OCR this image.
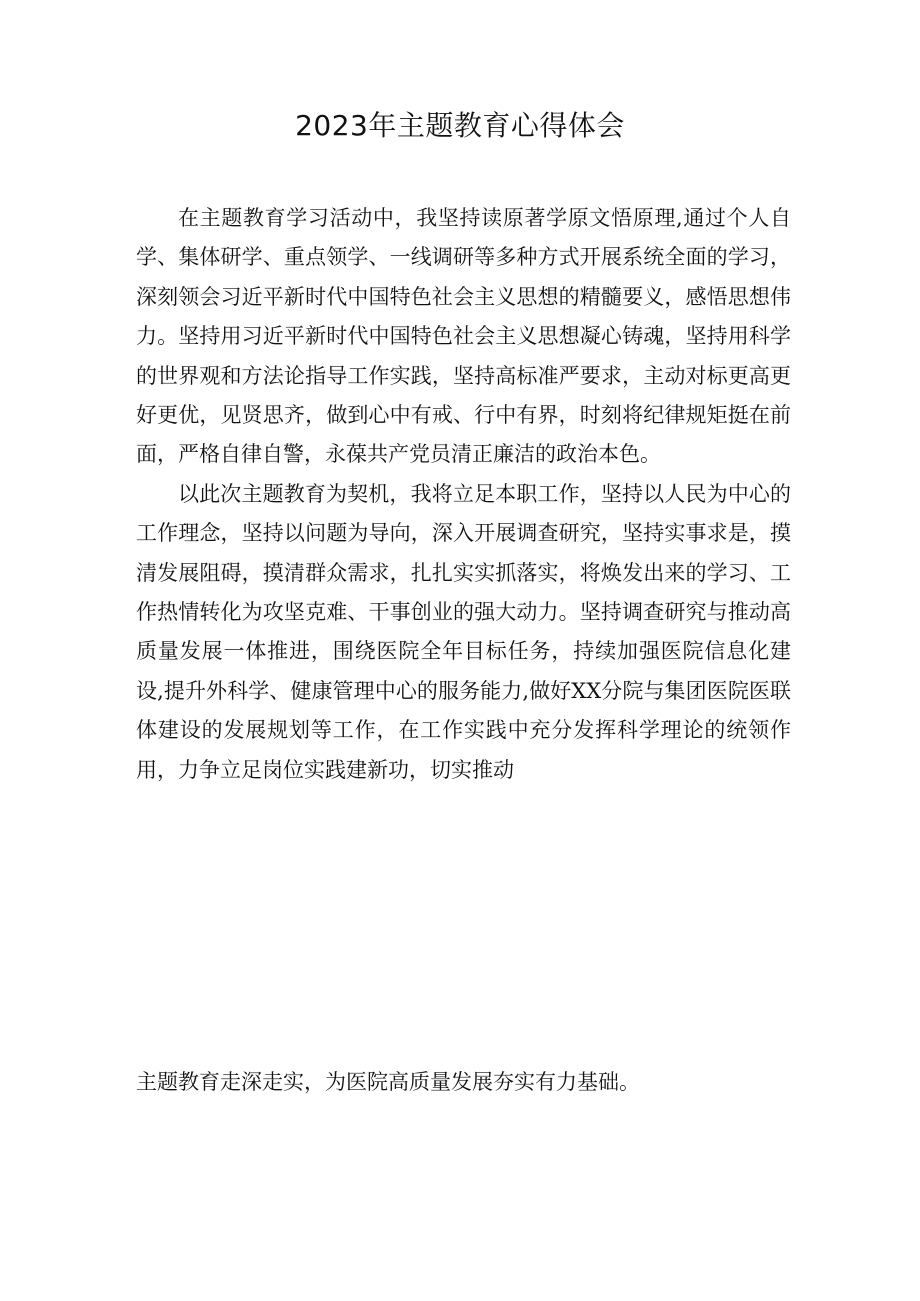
2023年主题教育心得体会

在主题教育学习活动中，我坚持读原著学原文悟原理,通过个人自学、集体研学、重点领学、一线调研等多种方式开展系统全面的学习，深刻领会习近平新时代中国特色社会主义思想的精髓要义，感悟思想伟力。坚持用习近平新时代中国特色社会主义思想凝心铸魂，坚持用科学的世界观和方法论指导工作实践，坚持高标准严要求，主动对标更高更好更优，见贤思齐，做到心中有戒、行中有界，时刻将纪律规矩挺在前面，严格自律自警，永葆共产党员清正廉洁的政治本色。

以此次主题教育为契机，我将立足本职工作，坚持以人民为中心的工作理念，坚持以问题为导向，深入开展调查研究，坚持实事求是，摸清发展阻碍，摸清群众需求，扎扎实实抓落实，将焕发出来的学习、工作热情转化为攻坚克难、干事创业的强大动力。坚持调查研究与推动高质量发展一体推进，围绕医院全年目标任务，持续加强医院信息化建设,提升外科学、健康管理中心的服务能力,做好XX分院与集团医院医联体建设的发展规划等工作，在工作实践中充分发挥科学理论的统领作用，力争立足岗位实践建新功，切实推动

主题教育走深走实，为医院高质量发展夯实有力基础。
